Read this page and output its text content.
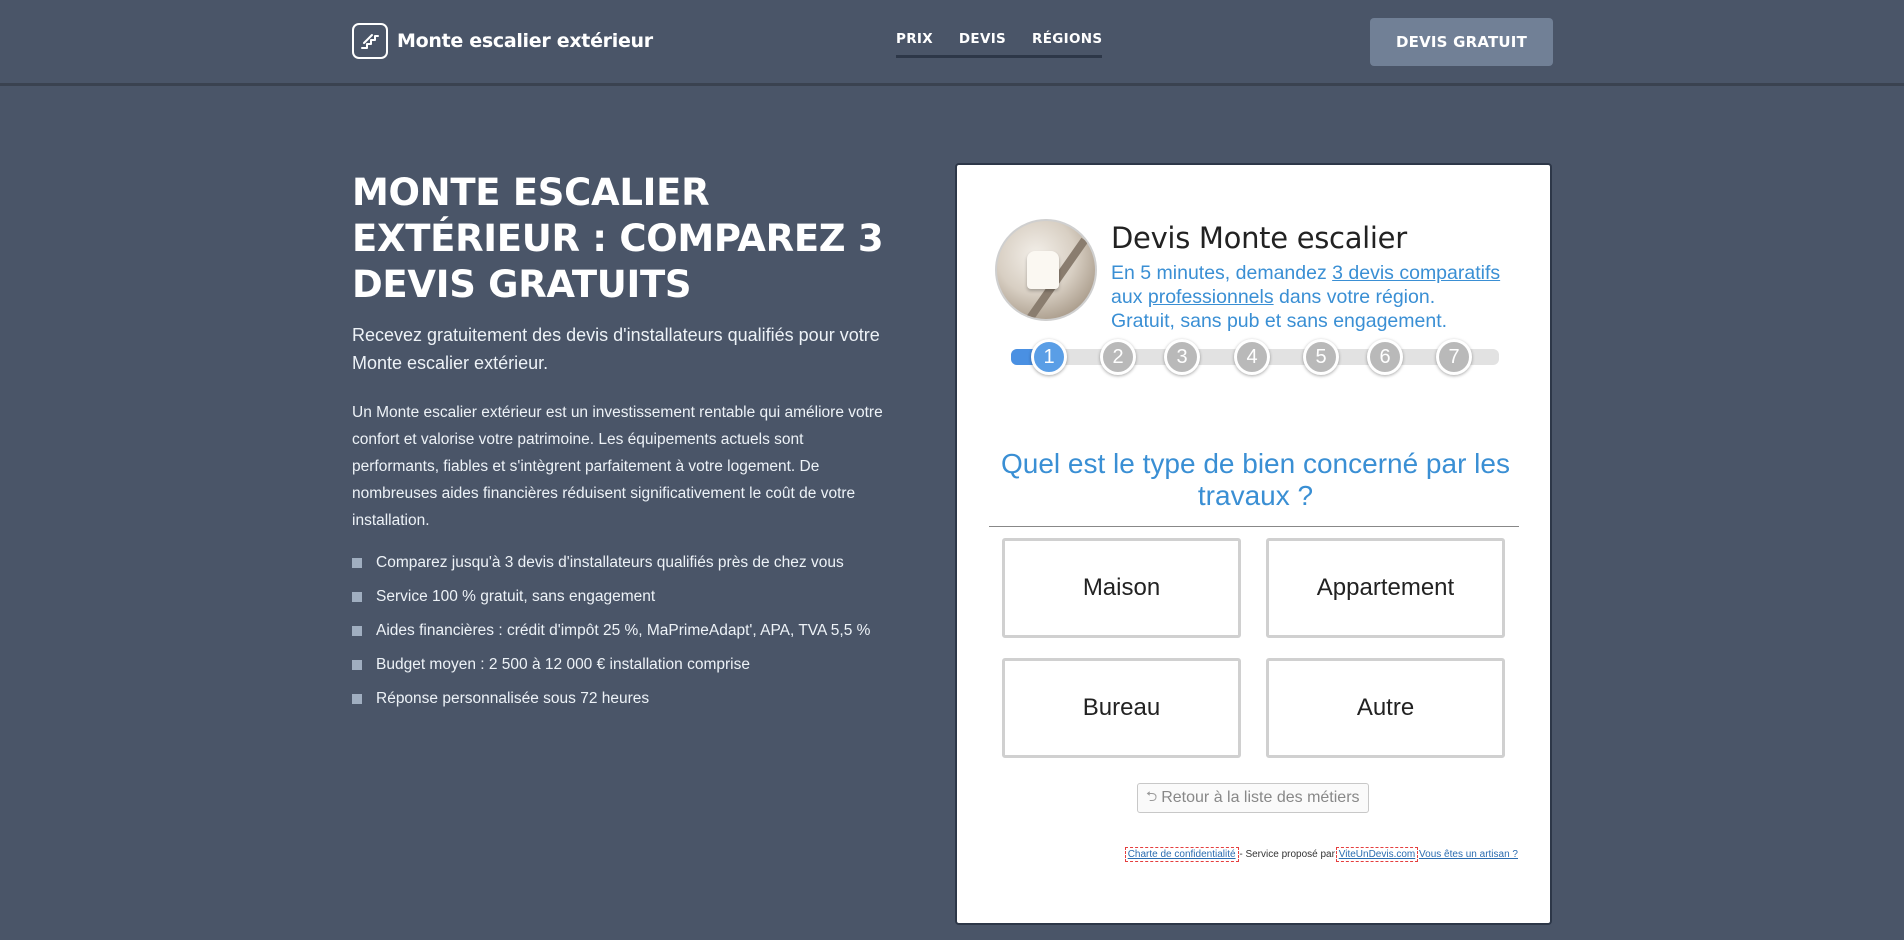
Monte escalier extérieur	PRIX DEVIS RÉGIONS	DEVIS GRATUIT
MONTE ESCALIER EXTÉRIEUR : COMPAREZ 3 DEVIS GRATUITS

Recevez gratuitement des devis d'installateurs qualifiés pour votre Monte escalier extérieur.

Un Monte escalier extérieur est un investissement rentable qui améliore votre confort et valorise votre patrimoine. Les équipements actuels sont performants, fiables et s'intègrent parfaitement à votre logement. De nombreuses aides financières réduisent significativement le coût de votre installation.

Comparez jusqu'à 3 devis d'installateurs qualifiés près de chez vous
Service 100 % gratuit, sans engagement
Aides financières : crédit d'impôt 25 %, MaPrimeAdapt', APA, TVA 5,5 %
Budget moyen : 2 500 à 12 000 € installation comprise
Réponse personnalisée sous 72 heures
Devis Monte escalier

En 5 minutes, demandez 3 devis comparatifs
aux professionnels dans votre région.
Gratuit, sans pub et sans engagement.

1	2	3	4	5	6	7
Quel est le type de bien concerné par les travaux ?
Maison	Appartement
Bureau	Autre
⮌ Retour à la liste des métiers
Charte de confidentialité - Service proposé par ViteUnDevis.com Vous êtes un artisan ?
